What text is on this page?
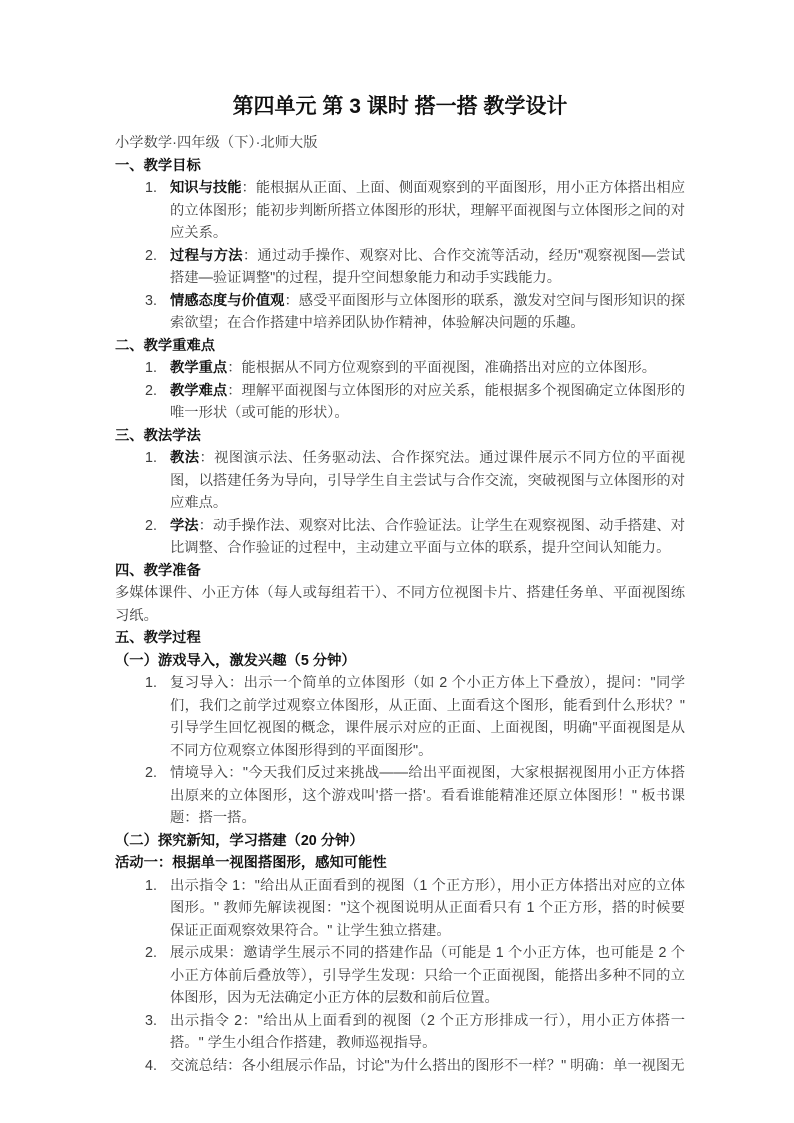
第四单元 第 3 课时 搭一搭 教学设计

小学数学·四年级（下）·北师大版

一、教学目标
1. 知识与技能：能根据从正面、上面、侧面观察到的平面图形，用小正方体搭出相应的立体图形；能初步判断所搭立体图形的形状，理解平面视图与立体图形之间的对应关系。
2. 过程与方法：通过动手操作、观察对比、合作交流等活动，经历"观察视图—尝试搭建—验证调整"的过程，提升空间想象能力和动手实践能力。
3. 情感态度与价值观：感受平面图形与立体图形的联系，激发对空间与图形知识的探索欲望；在合作搭建中培养团队协作精神，体验解决问题的乐趣。
二、教学重难点
1. 教学重点：能根据从不同方位观察到的平面视图，准确搭出对应的立体图形。
2. 教学难点：理解平面视图与立体图形的对应关系，能根据多个视图确定立体图形的唯一形状（或可能的形状）。
三、教法学法
1. 教法：视图演示法、任务驱动法、合作探究法。通过课件展示不同方位的平面视图，以搭建任务为导向，引导学生自主尝试与合作交流，突破视图与立体图形的对应难点。
2. 学法：动手操作法、观察对比法、合作验证法。让学生在观察视图、动手搭建、对比调整、合作验证的过程中，主动建立平面与立体的联系，提升空间认知能力。
四、教学准备

多媒体课件、小正方体（每人或每组若干）、不同方位视图卡片、搭建任务单、平面视图练习纸。

五、教学过程
（一）游戏导入，激发兴趣（5 分钟）
1. 复习导入：出示一个简单的立体图形（如 2 个小正方体上下叠放），提问："同学们，我们之前学过观察立体图形，从正面、上面看这个图形，能看到什么形状？" 引导学生回忆视图的概念，课件展示对应的正面、上面视图，明确"平面视图是从不同方位观察立体图形得到的平面图形"。
2. 情境导入："今天我们反过来挑战——给出平面视图，大家根据视图用小正方体搭出原来的立体图形，这个游戏叫'搭一搭'。看看谁能精准还原立体图形！" 板书课题：搭一搭。
（二）探究新知，学习搭建（20 分钟）
活动一：根据单一视图搭图形，感知可能性
1. 出示指令 1："给出从正面看到的视图（1 个正方形），用小正方体搭出对应的立体图形。" 教师先解读视图："这个视图说明从正面看只有 1 个正方形，搭的时候要保证正面观察效果符合。" 让学生独立搭建。
2. 展示成果：邀请学生展示不同的搭建作品（可能是 1 个小正方体，也可能是 2 个小正方体前后叠放等），引导学生发现：只给一个正面视图，能搭出多种不同的立体图形，因为无法确定小正方体的层数和前后位置。
3. 出示指令 2："给出从上面看到的视图（2 个正方形排成一行），用小正方体搭一搭。" 学生小组合作搭建，教师巡视指导。
4. 交流总结：各小组展示作品，讨论"为什么搭出的图形不一样？" 明确：单一视图无
